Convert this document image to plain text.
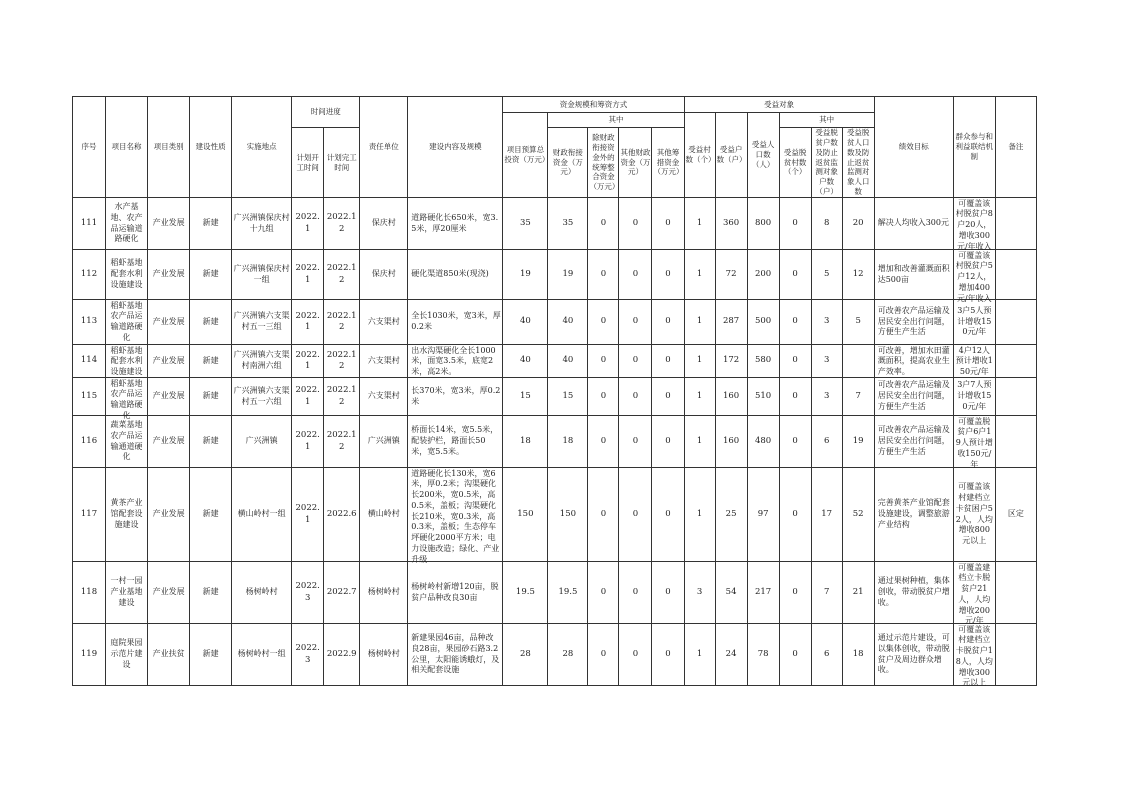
序号	项目名称	项目类别	建设性质	实施地点	时间进度		责任单位	建设内容及规模	资金规模和筹资方式					受益对象						绩效目标	群众参与和利益联结机制	备注
									项目预算总投资（万元）	其中				受益村数（个）	受益户数（户）	受益人口数（人）	其中					
					计划开工时间	计划完工时间				财政衔接资金（万元）	除财政衔接资金外的统筹整合资金（万元）	其他财政资金（万元）	其他筹措资金（万元）				受益脱贫村数（个）	受益脱贫户数及防止返贫监测对象户数（户）	受益脱贫人口数及防止返贫监测对象人口数			

111	水产基地、农产品运输道路硬化	产业发展	新建	广兴洲镇保庆村十九组	2022.1	2022.12	保庆村	道路硬化长650米，宽3.5米，厚20厘米	35	35	0	0	0	1	360	800	0	8	20	解决人均收入300元	可覆盖该村脱贫户8户20人，增收300元/年收入	

112	稻虾基地配套水利设施建设	产业发展	新建	广兴洲镇保庆村一组	2022.1	2022.12	保庆村	硬化渠道850米(现浇)	19	19	0	0	0	1	72	200	0	5	12	增加和改善灌溉面积达500亩	可覆盖该村脱贫户5户12人，增加400元/年收入	

113	稻虾基地农产品运输道路硬化	产业发展	新建	广兴洲镇六支渠村五一三组	2022.1	2022.12	六支渠村	全长1030米，宽3米，厚0.2米	40	40	0	0	0	1	287	500	0	3	5	可改善农产品运输及居民安全出行问题，方便生产生活	3户5人预计增收150元/年	

114	稻虾基地配套水利设施建设	产业发展	新建	广兴洲镇六支渠村南洲六组	2022.1	2022.12	六支渠村	出水沟渠硬化全长1000米，面宽3.5米，底宽2米，高2米。	40	40	0	0	0	1	172	580	0	3		可改善，增加水田灌溉面积，提高农业生产效率。	4户12人预计增收150元/年	

115	稻虾基地农产品运输道路硬化	产业发展	新建	广兴洲镇六支渠村五一六组	2022.1	2022.12	六支渠村	长370米，宽3米，厚0.2米	15	15	0	0	0	1	160	510	0	3	7	可改善农产品运输及居民安全出行问题，方便生产生活	3户7人预计增收150元/年	

116	蔬菜基地农产品运输通道硬化	产业发展	新建	广兴洲镇	2022.1	2022.12	广兴洲镇	桥面长14米，宽5.5米，配装护栏，路面长50米，宽5.5米。	18	18	0	0	0	1	160	480	0	6	19	可改善农产品运输及居民安全出行问题，方便生产生活	可覆盖脱贫户6户19人预计增收150元/年	

117	黄茶产业馆配套设施建设	产业发展	新建	横山岭村一组	2022.1	2022.6	横山岭村	道路硬化长130米，宽6米，厚0.2米；沟渠硬化长200米，宽0.5米，高0.5米，盖板；沟渠硬化长210米，宽0.3米，高0.3米，盖板；生态停车坪硬化2000平方米；电力设施改造；绿化、产业升级	150	150	0	0	0	1	25	97	0	17	52	完善黄茶产业馆配套设施建设，调整旅游产业结构	可覆盖该村建档立卡贫困户52人，人均增收800元以上	区定

118	一村一园产业基地建设	产业发展	新建	杨树岭村	2022.3	2022.7	杨树岭村	杨树岭村新增120亩，脱贫户品种改良30亩	19.5	19.5	0	0	0	3	54	217	0	7	21	通过果树种植，集体创收，带动脱贫户增收。	可覆盖建档立卡脱贫户21人，人均增收200元/年	

119	庭院果园示范片建设	产业扶贫	新建	杨树岭村一组	2022.3	2022.9	杨树岭村	新建果园46亩，品种改良28亩，果园砂石路3.2公里，太阳能诱蛾灯，及相关配套设施	28	28	0	0	0	1	24	78	0	6	18	通过示范片建设，可以集体创收，带动脱贫户及周边群众增收。	可覆盖该村建档立卡脱贫户18人，人均增收300元以上	
